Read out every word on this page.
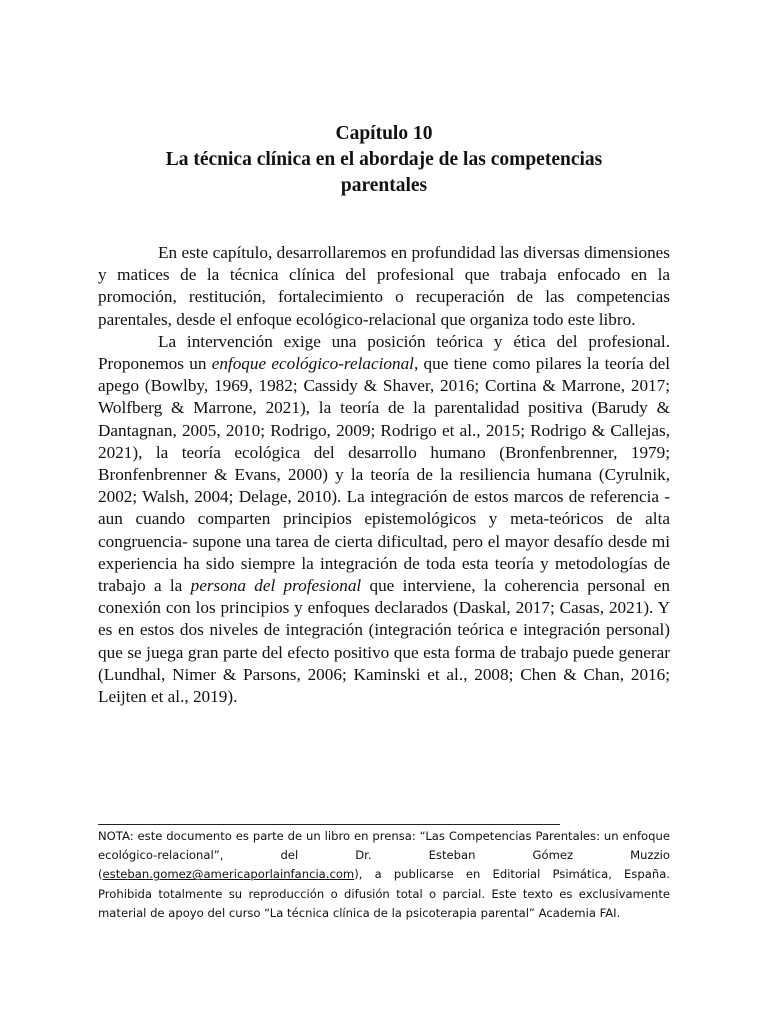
Capítulo 10
La técnica clínica en el abordaje de las competencias
parentales

En este capítulo, desarrollaremos en profundidad las diversas dimensiones y matices de la técnica clínica del profesional que trabaja enfocado en la promoción, restitución, fortalecimiento o recuperación de las competencias parentales, desde el enfoque ecológico-relacional que organiza todo este libro.

La intervención exige una posición teórica y ética del profesional. Proponemos un enfoque ecológico-relacional, que tiene como pilares la teoría del apego (Bowlby, 1969, 1982; Cassidy & Shaver, 2016; Cortina & Marrone, 2017; Wolfberg & Marrone, 2021), la teoría de la parentalidad positiva (Barudy & Dantagnan, 2005, 2010; Rodrigo, 2009; Rodrigo et al., 2015; Rodrigo & Callejas, 2021), la teoría ecológica del desarrollo humano (Bronfenbrenner, 1979; Bronfenbrenner & Evans, 2000) y la teoría de la resiliencia humana (Cyrulnik, 2002; Walsh, 2004; Delage, 2010). La integración de estos marcos de referencia -aun cuando comparten principios epistemológicos y meta-teóricos de alta congruencia- supone una tarea de cierta dificultad, pero el mayor desafío desde mi experiencia ha sido siempre la integración de toda esta teoría y metodologías de trabajo a la persona del profesional que interviene, la coherencia personal en conexión con los principios y enfoques declarados (Daskal, 2017; Casas, 2021). Y es en estos dos niveles de integración (integración teórica e integración personal) que se juega gran parte del efecto positivo que esta forma de trabajo puede generar (Lundhal, Nimer & Parsons, 2006; Kaminski et al., 2008; Chen & Chan, 2016; Leijten et al., 2019).

NOTA: este documento es parte de un libro en prensa: “Las Competencias Parentales: un enfoque ecológico-relacional”, del Dr. Esteban Gómez Muzzio (esteban.gomez@americaporlainfancia.com), a publicarse en Editorial Psimática, España. Prohibida totalmente su reproducción o difusión total o parcial. Este texto es exclusivamente material de apoyo del curso “La técnica clínica de la psicoterapia parental” Academia FAI.
